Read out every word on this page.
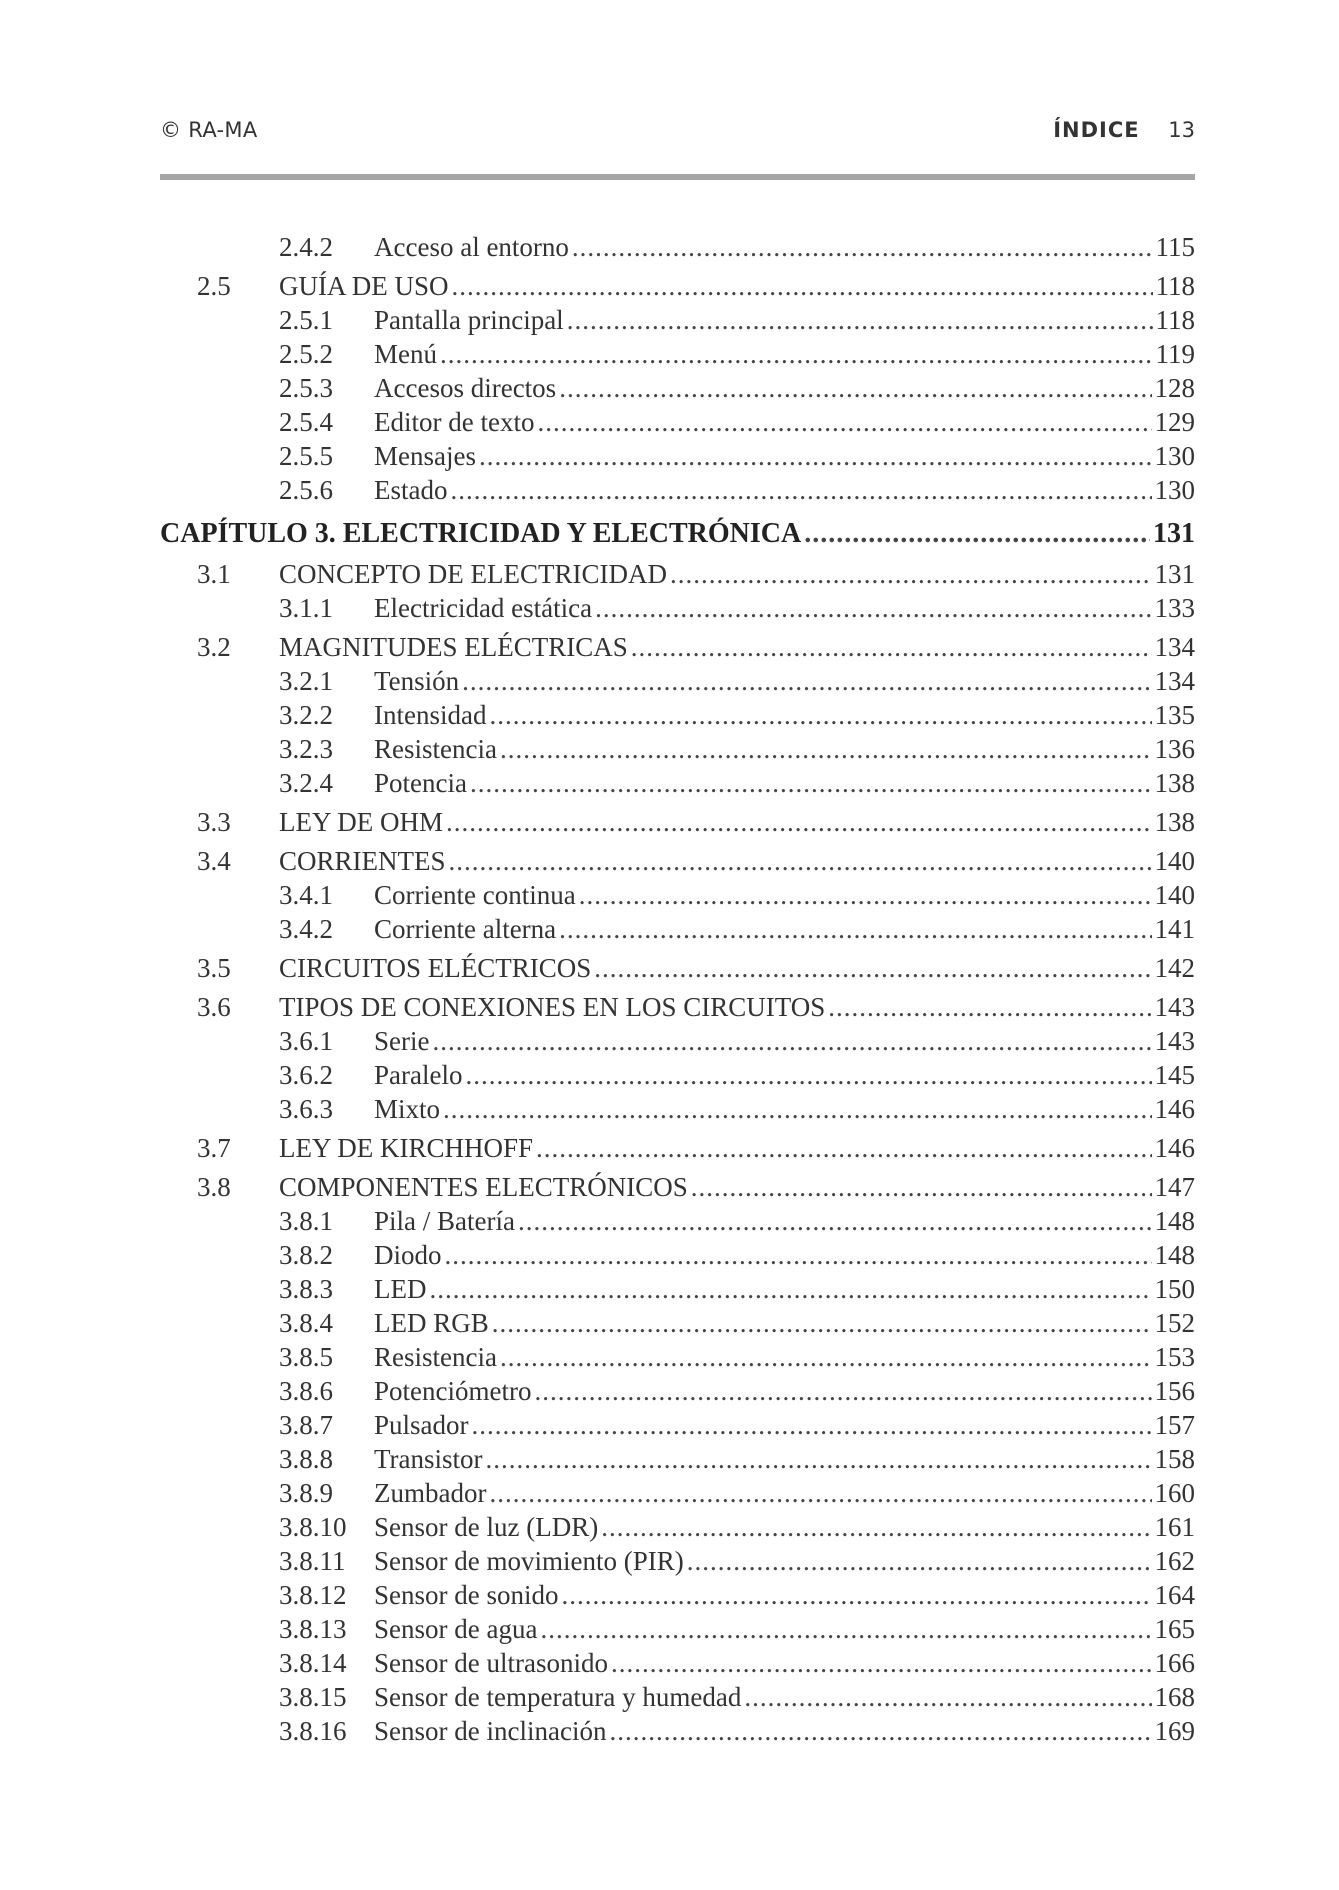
© RA-MA	ÍNDICE 13
2.4.2	Acceso al entorno .....	115
2.5	GUÍA DE USO .....	118
2.5.1	Pantalla principal .....	118
2.5.2	Menú .....	119
2.5.3	Accesos directos .....	128
2.5.4	Editor de texto .....	129
2.5.5	Mensajes .....	130
2.5.6	Estado .....	130
CAPÍTULO 3. ELECTRICIDAD Y ELECTRÓNICA .....	131
3.1	CONCEPTO DE ELECTRICIDAD .....	131
3.1.1	Electricidad estática .....	133
3.2	MAGNITUDES ELÉCTRICAS .....	134
3.2.1	Tensión .....	134
3.2.2	Intensidad .....	135
3.2.3	Resistencia .....	136
3.2.4	Potencia .....	138
3.3	LEY DE OHM .....	138
3.4	CORRIENTES .....	140
3.4.1	Corriente continua .....	140
3.4.2	Corriente alterna .....	141
3.5	CIRCUITOS ELÉCTRICOS .....	142
3.6	TIPOS DE CONEXIONES EN LOS CIRCUITOS .....	143
3.6.1	Serie .....	143
3.6.2	Paralelo .....	145
3.6.3	Mixto .....	146
3.7	LEY DE KIRCHHOFF .....	146
3.8	COMPONENTES ELECTRÓNICOS .....	147
3.8.1	Pila / Batería .....	148
3.8.2	Diodo .....	148
3.8.3	LED .....	150
3.8.4	LED RGB .....	152
3.8.5	Resistencia .....	153
3.8.6	Potenciómetro .....	156
3.8.7	Pulsador .....	157
3.8.8	Transistor .....	158
3.8.9	Zumbador .....	160
3.8.10	Sensor de luz (LDR) .....	161
3.8.11	Sensor de movimiento (PIR) .....	162
3.8.12	Sensor de sonido .....	164
3.8.13	Sensor de agua .....	165
3.8.14	Sensor de ultrasonido .....	166
3.8.15	Sensor de temperatura y humedad .....	168
3.8.16	Sensor de inclinación .....	169
